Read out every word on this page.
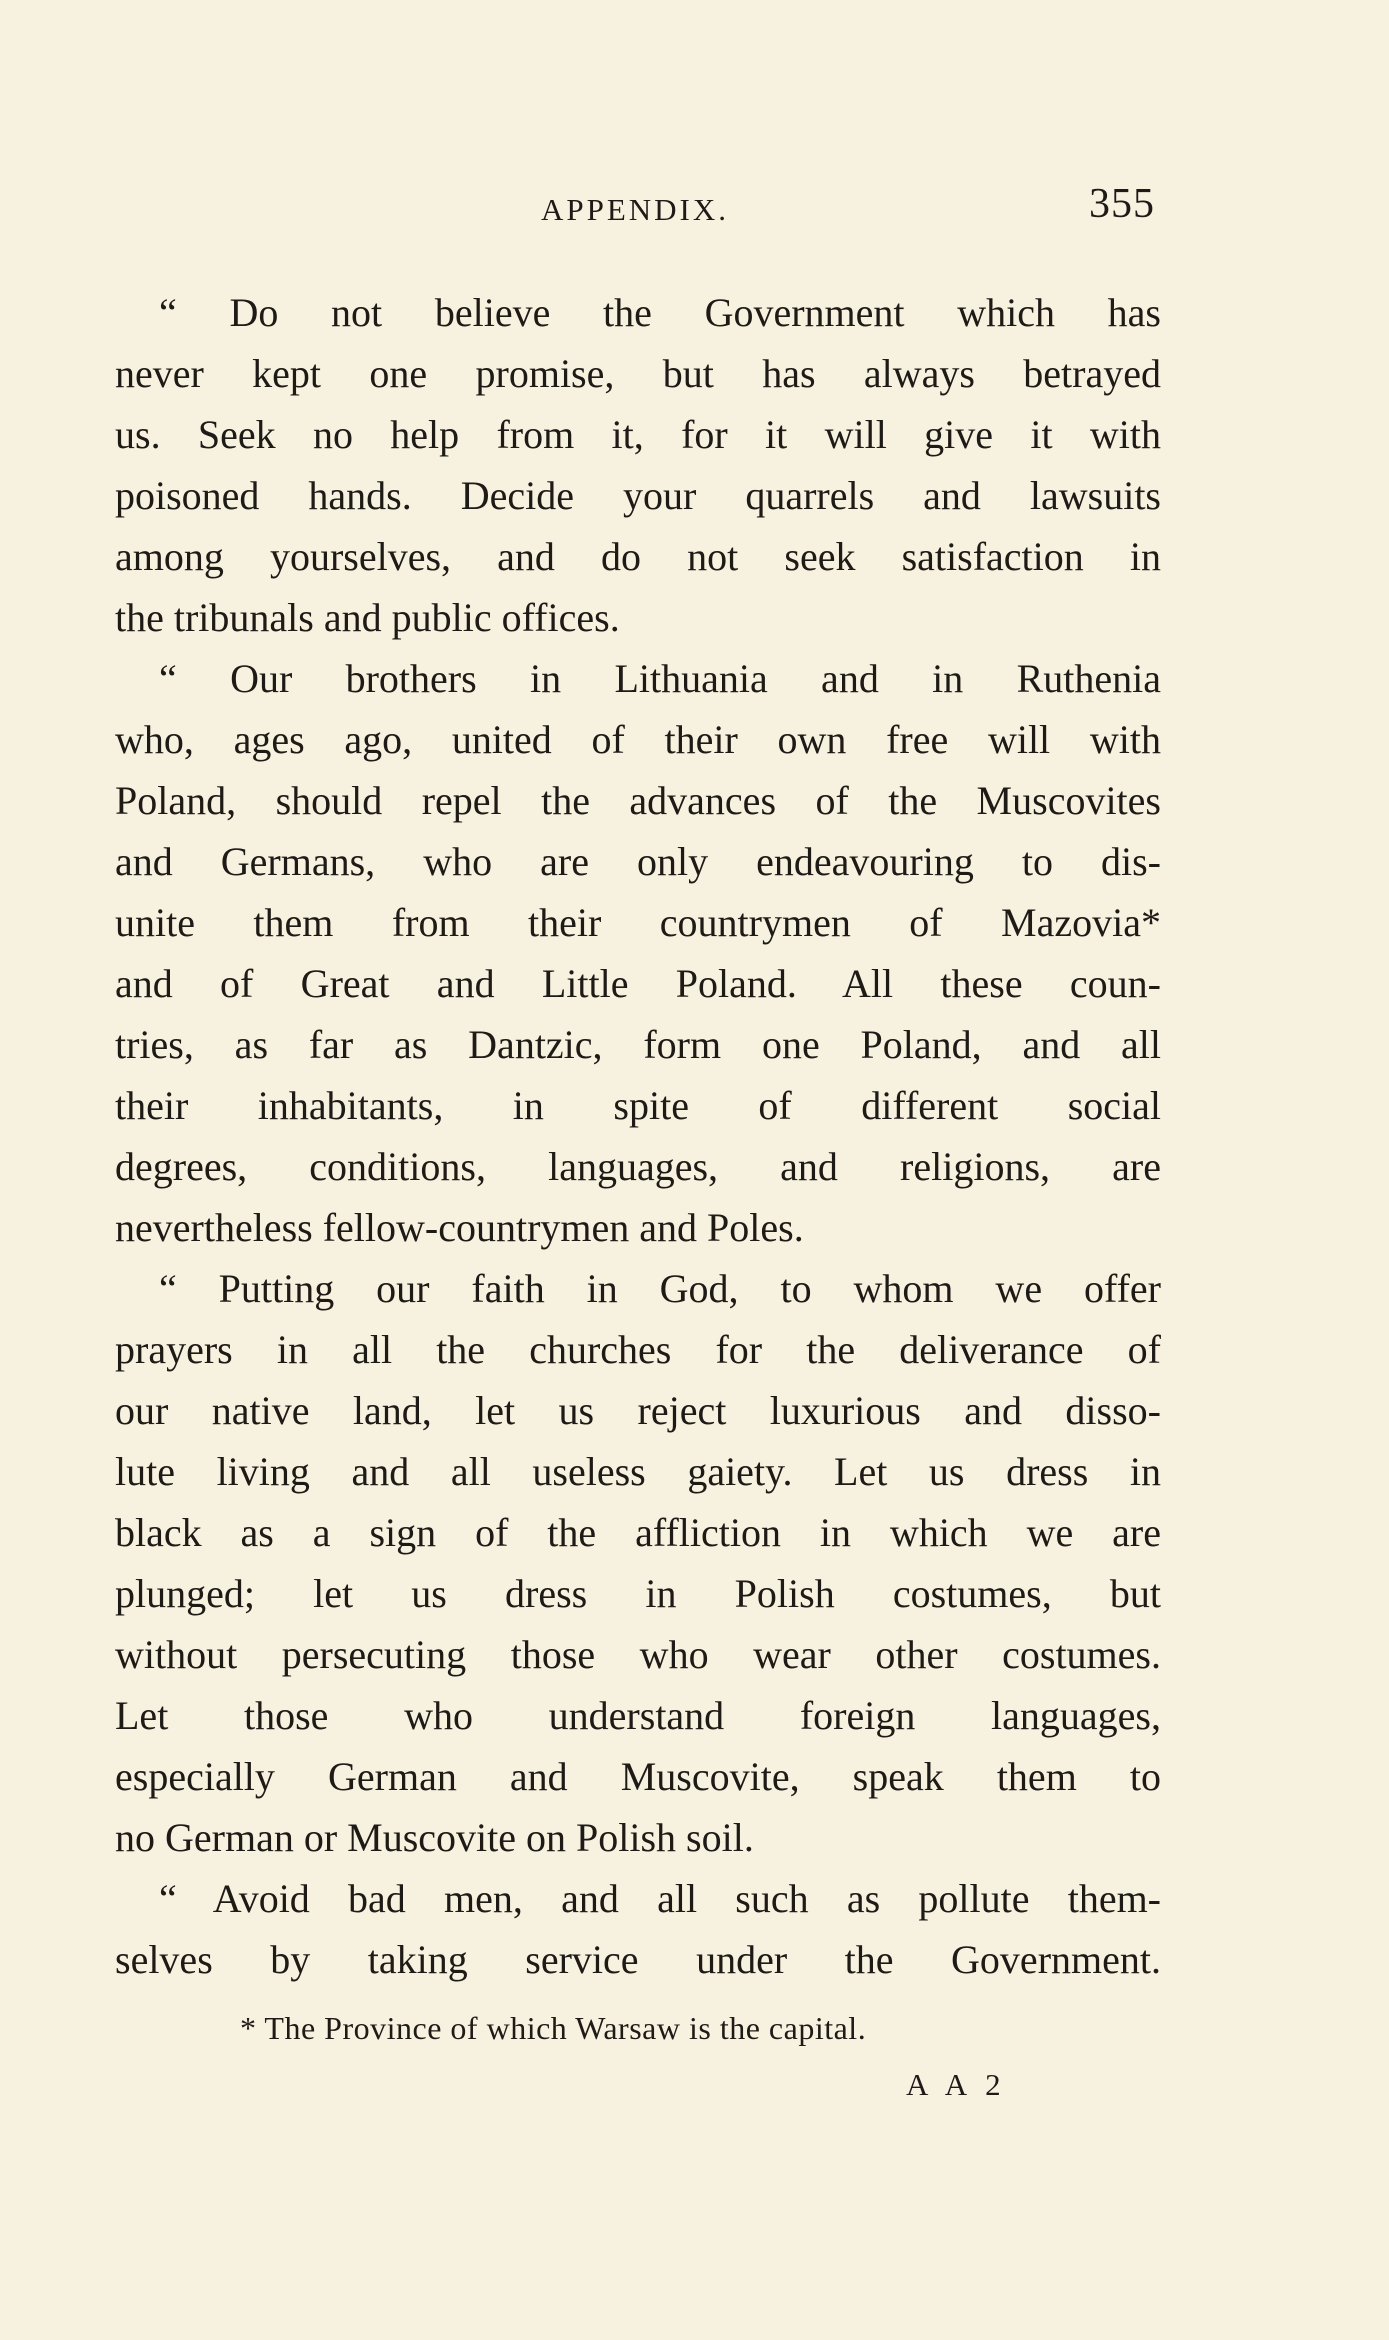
APPENDIX.	355
“ Do not believe the Government which has
never kept one promise, but has always betrayed
us. Seek no help from it, for it will give it with
poisoned hands. Decide your quarrels and lawsuits
among yourselves, and do not seek satisfaction in
the tribunals and public offices.
“ Our brothers in Lithuania and in Ruthenia
who, ages ago, united of their own free will with
Poland, should repel the advances of the Muscovites
and Germans, who are only endeavouring to dis-
unite them from their countrymen of Mazovia*
and of Great and Little Poland. All these coun-
tries, as far as Dantzic, form one Poland, and all
their inhabitants, in spite of different social
degrees, conditions, languages, and religions, are
nevertheless fellow-countrymen and Poles.
“ Putting our faith in God, to whom we offer
prayers in all the churches for the deliverance of
our native land, let us reject luxurious and disso-
lute living and all useless gaiety. Let us dress in
black as a sign of the affliction in which we are
plunged; let us dress in Polish costumes, but
without persecuting those who wear other costumes.
Let those who understand foreign languages,
especially German and Muscovite, speak them to
no German or Muscovite on Polish soil.
“ Avoid bad men, and all such as pollute them-
selves by taking service under the Government.
* The Province of which Warsaw is the capital.
A A 2
